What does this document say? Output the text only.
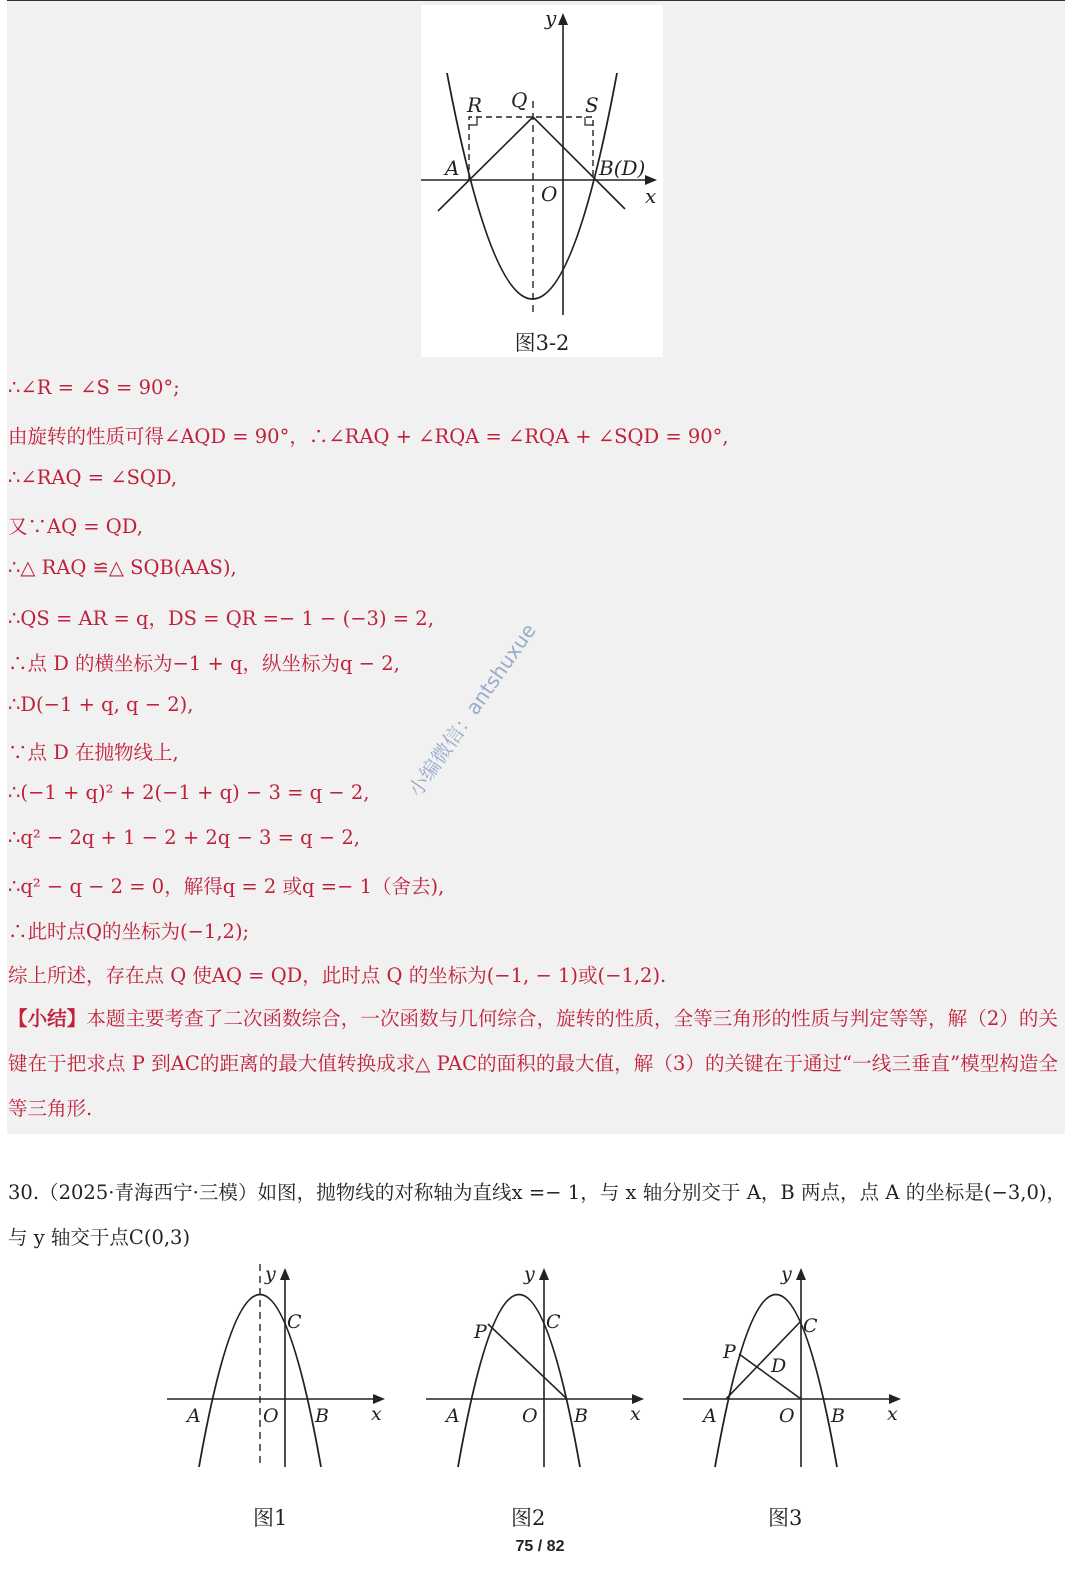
y
x
R Q	S
A	B(D)
O
图3-2
∴∠R = ∠S = 90°;
由旋转的性质可得∠AQD = 90°，∴∠RAQ + ∠RQA = ∠RQA + ∠SQD = 90°,
∴∠RAQ = ∠SQD,
又∵AQ = QD,
∴△ RAQ ≌△ SQB(AAS),
∴QS = AR = q，DS = QR =− 1 − (−3) = 2,
∴点 D 的横坐标为−1 + q，纵坐标为q − 2,
∴D(−1 + q, q − 2),
∵点 D 在抛物线上,
∴(−1 + q)² + 2(−1 + q) − 3 = q − 2,
∴q² − 2q + 1 − 2 + 2q − 3 = q − 2,
∴q² − q − 2 = 0，解得q = 2 或q =− 1（舍去),
∴此时点Q的坐标为(−1,2);
综上所述，存在点 Q 使AQ = QD，此时点 Q 的坐标为(−1, − 1)或(−1,2).
【小结】本题主要考查了二次函数综合，一次函数与几何综合，旋转的性质，全等三角形的性质与判定等等，解（2）的关键在于把求点 P 到AC的距离的最大值转换成求△ PAC的面积的最大值，解（3）的关键在于通过“一线三垂直”模型构造全等三角形.
小编微信：antshuxue
30.（2025·青海西宁·三模）如图，抛物线的对称轴为直线x =− 1，与 x 轴分别交于 A，B 两点，点 A 的坐标是(−3,0)，与 y 轴交于点C(0,3)
y
x
A	O B
C
图1
y
x
A	O B
C
P
图2
y
x
A	O B
C
P
D
图3
75 / 82
